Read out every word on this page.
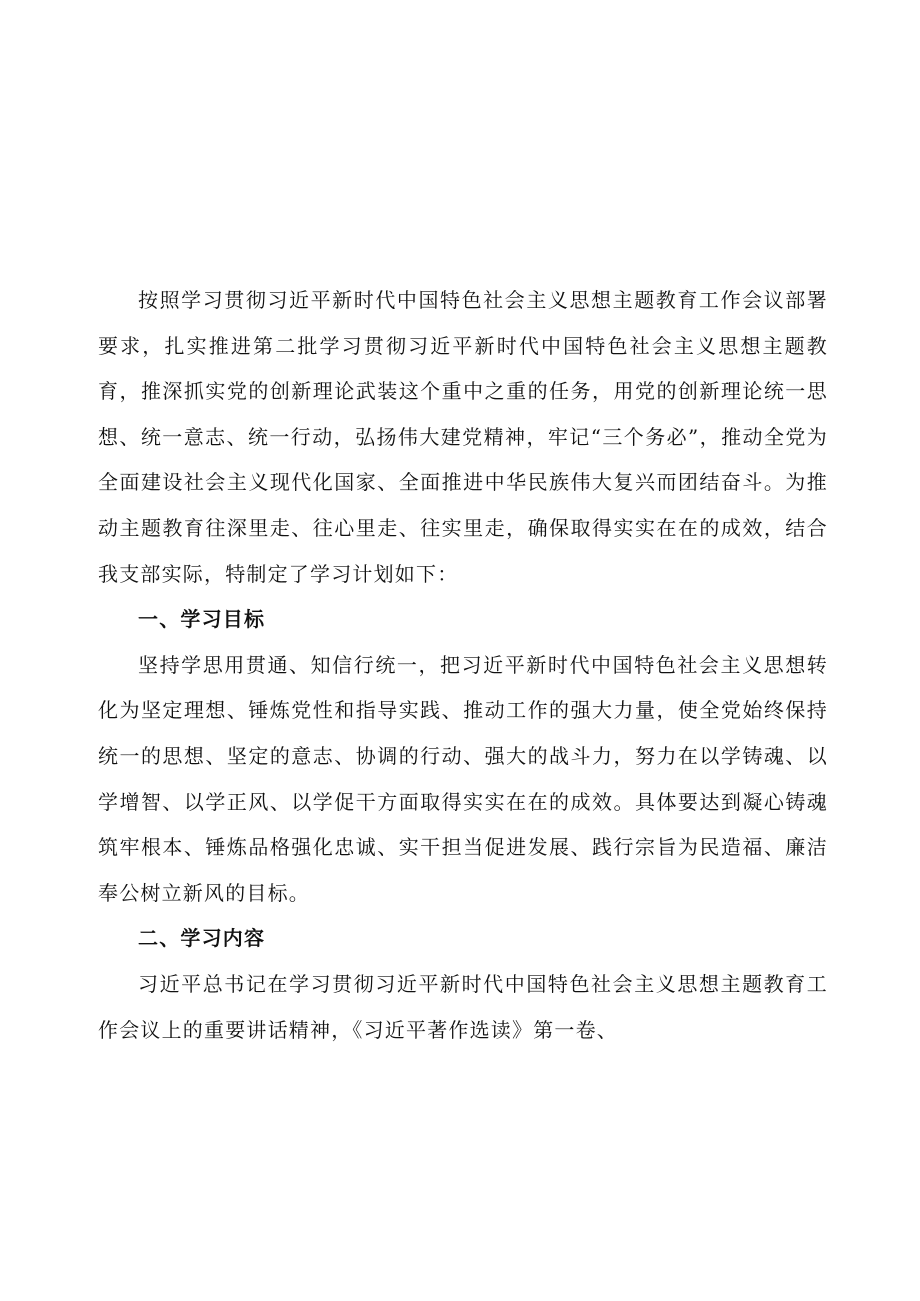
按照学习贯彻习近平新时代中国特色社会主义思想主题教育工作会议部署要求，扎实推进第二批学习贯彻习近平新时代中国特色社会主义思想主题教育，推深抓实党的创新理论武装这个重中之重的任务，用党的创新理论统一思想、统一意志、统一行动，弘扬伟大建党精神，牢记“三个务必”，推动全党为全面建设社会主义现代化国家、全面推进中华民族伟大复兴而团结奋斗。为推动主题教育往深里走、往心里走、往实里走，确保取得实实在在的成效，结合我支部实际，特制定了学习计划如下：

一、学习目标

坚持学思用贯通、知信行统一，把习近平新时代中国特色社会主义思想转化为坚定理想、锤炼党性和指导实践、推动工作的强大力量，使全党始终保持统一的思想、坚定的意志、协调的行动、强大的战斗力，努力在以学铸魂、以学增智、以学正风、以学促干方面取得实实在在的成效。具体要达到凝心铸魂筑牢根本、锤炼品格强化忠诚、实干担当促进发展、践行宗旨为民造福、廉洁奉公树立新风的目标。

二、学习内容

习近平总书记在学习贯彻习近平新时代中国特色社会主义思想主题教育工作会议上的重要讲话精神，《习近平著作选读》第一卷、
